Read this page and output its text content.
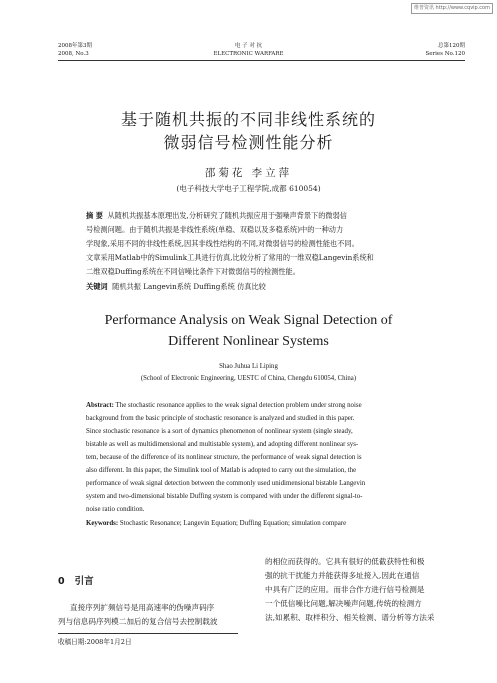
维普资讯 http://www.cqvip.com
2008年第3期
2008, No.3
电 子 对 抗
ELECTRONIC WARFARE
总第120期
Series No.120
基于随机共振的不同非线性系统的
微弱信号检测性能分析
邵菊花 李立萍
(电子科技大学电子工程学院,成都 610054)
摘 要 从随机共振基本原理出发,分析研究了随机共振应用于强噪声背景下的微弱信
号检测问题。由于随机共振是非线性系统(单稳、双稳以及多稳系统)中的一种动力
学现象,采用不同的非线性系统,因其非线性结构的不同,对微弱信号的检测性能也不同。
文章采用Matlab中的Simulink工具进行仿真,比较分析了常用的一维双稳Langevin系统和
二维双稳Duffing系统在不同信噪比条件下对微弱信号的检测性能。
关键词 随机共振 Langevin系统 Duffing系统 仿真比较
Performance Analysis on Weak Signal Detection of
Different Nonlinear Systems
Shao Juhua Li Liping
(School of Electronic Engineering, UESTC of China, Chengdu 610054, China)
Abstract: The stochastic resonance applies to the weak signal detection problem under strong noise
background from the basic principle of stochastic resonance is analyzed and studied in this paper.
Since stochastic resonance is a sort of dynamics phenomenon of nonlinear system (single steady,
bistable as well as multidimensional and multistable system), and adopting different nonlinear sys-
tem, because of the difference of its nonlinear structure, the performance of weak signal detection is
also different. In this paper, the Simulink tool of Matlab is adopted to carry out the simulation, the
performance of weak signal detection between the commonly used unidimensional bistable Langevin
system and two-dimensional bistable Duffing system is compared with under the different signal-to-
noise ratio condition.
Keywords: Stochastic Resonance; Langevin Equation; Duffing Equation; simulation compare
0 引言
直接序列扩频信号是用高速率的伪噪声码序
列与信息码序列模二加后的复合信号去控制载波
的相位而获得的。它具有很好的低截获特性和极
强的抗干扰能力并能获得多址接入,因此在通信
中具有广泛的应用。而非合作方进行信号检测是
一个低信噪比问题,解决噪声问题,传统的检测方
法,如累积、取样积分、相关检测、谱分析等方法采
收稿日期:2008年1月2日
